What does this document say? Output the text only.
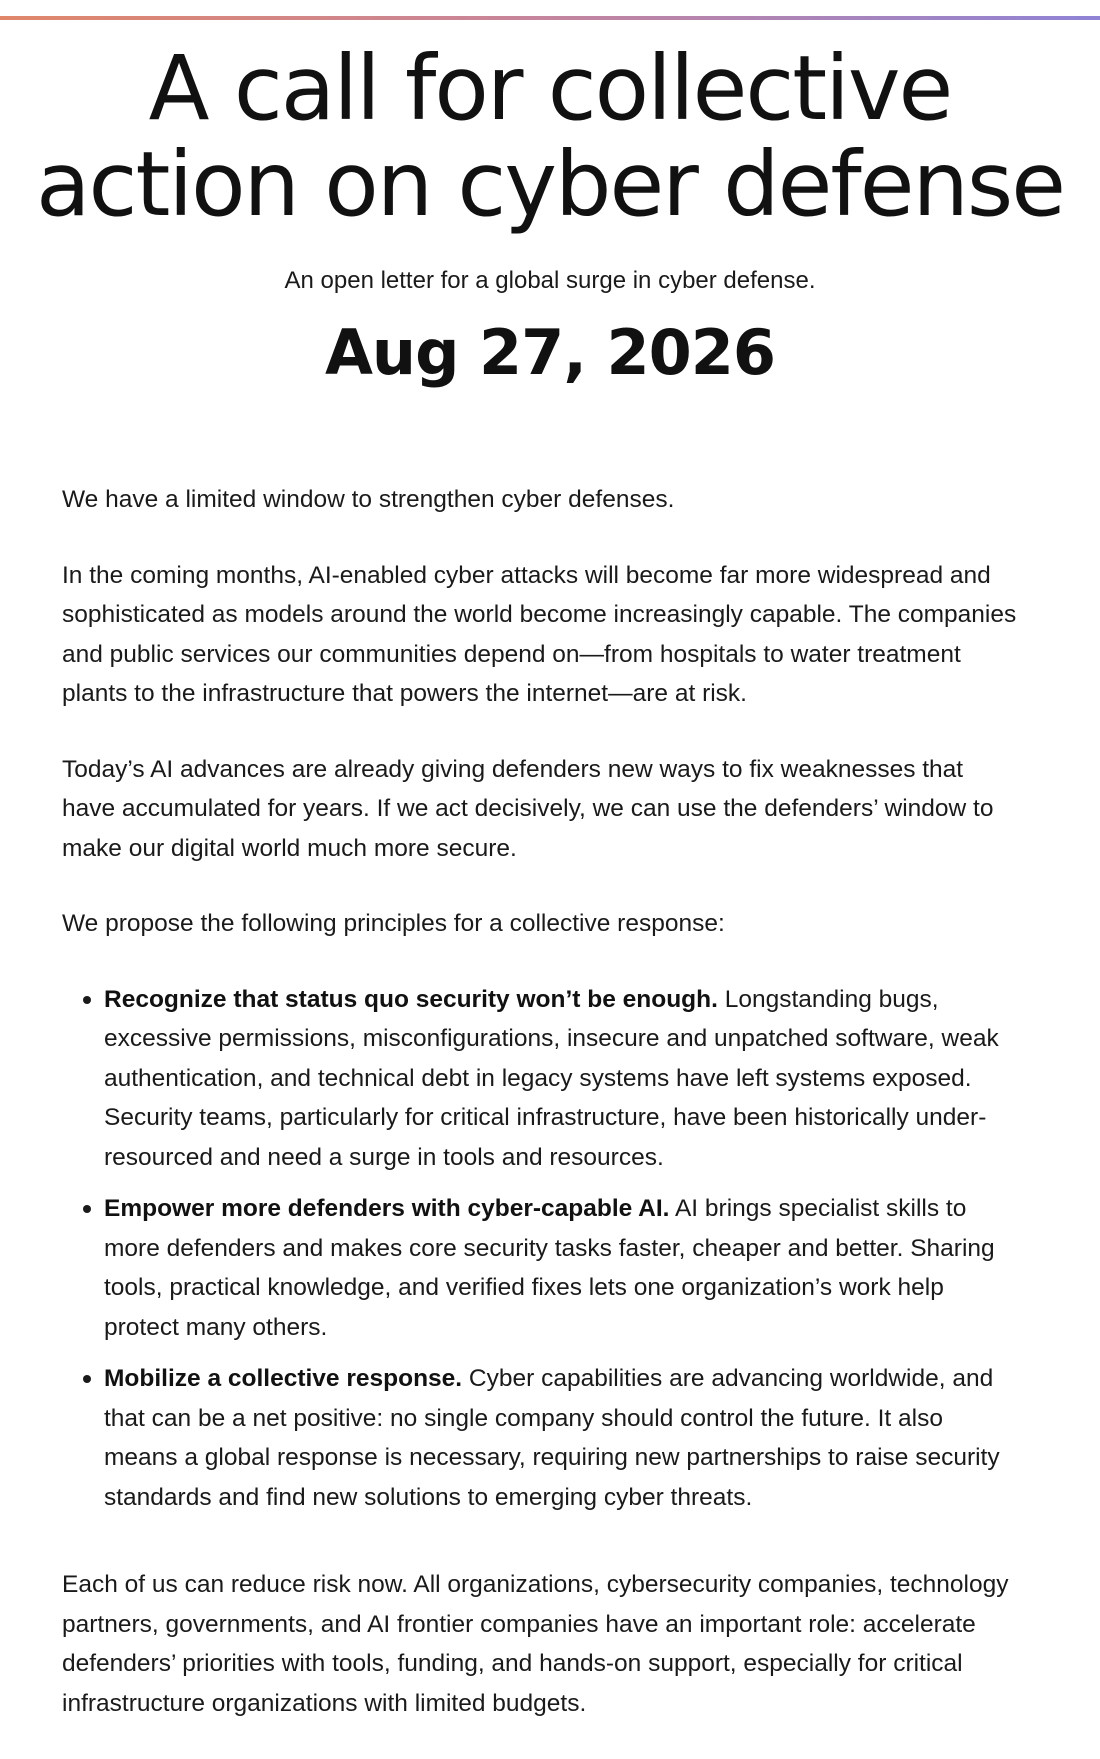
A call for collective
action on cyber defense

An open letter for a global surge in cyber defense.

Aug 27, 2026

We have a limited window to strengthen cyber defenses.

In the coming months, AI-enabled cyber attacks will become far more widespread and sophisticated as models around the world become increasingly capable. The companies and public services our communities depend on—from hospitals to water treatment plants to the infrastructure that powers the internet—are at risk.

Today’s AI advances are already giving defenders new ways to fix weaknesses that have accumulated for years. If we act decisively, we can use the defenders’ window to make our digital world much more secure.

We propose the following principles for a collective response:

Recognize that status quo security won’t be enough. Longstanding bugs, excessive permissions, misconfigurations, insecure and unpatched software, weak authentication, and technical debt in legacy systems have left systems exposed. Security teams, particularly for critical infrastructure, have been historically under-resourced and need a surge in tools and resources.
Empower more defenders with cyber-capable AI. AI brings specialist skills to more defenders and makes core security tasks faster, cheaper and better. Sharing tools, practical knowledge, and verified fixes lets one organization’s work help protect many others.
Mobilize a collective response. Cyber capabilities are advancing worldwide, and that can be a net positive: no single company should control the future. It also means a global response is necessary, requiring new partnerships to raise security standards and find new solutions to emerging cyber threats.

Each of us can reduce risk now. All organizations, cybersecurity companies, technology partners, governments, and AI frontier companies have an important role: accelerate defenders’ priorities with tools, funding, and hands-on support, especially for critical infrastructure organizations with limited budgets.
